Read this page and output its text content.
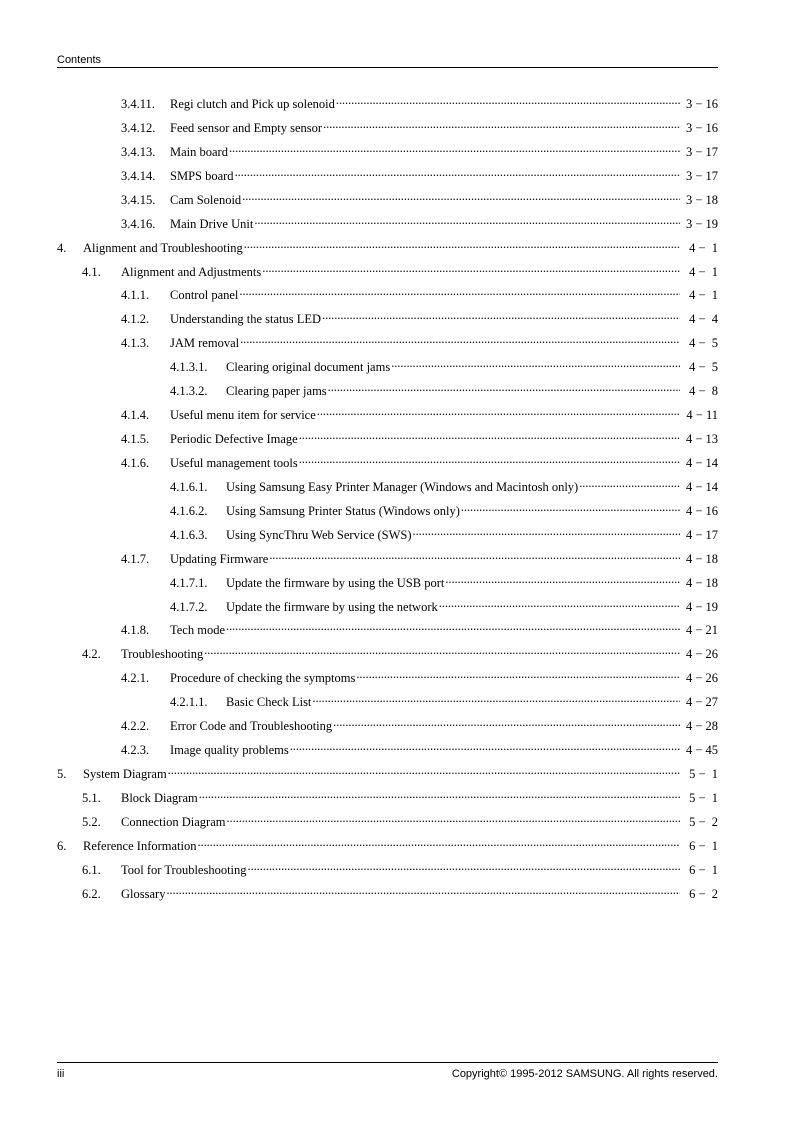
Contents
3.4.11.	Regi clutch and Pick up solenoid . . .	3 − 16
3.4.12.	Feed sensor and Empty sensor . . .	3 − 16
3.4.13.	Main board . . .	3 − 17
3.4.14.	SMPS board . . .	3 − 17
3.4.15.	Cam Solenoid . . .	3 − 18
3.4.16.	Main Drive Unit . . .	3 − 19
4.	Alignment and Troubleshooting . . .	4 −  1
4.1.	Alignment and Adjustments . . .	4 −  1
4.1.1.	Control panel . . .	4 −  1
4.1.2.	Understanding the status LED . . .	4 −  4
4.1.3.	JAM removal . . .	4 −  5
4.1.3.1.	Clearing original document jams . . .	4 −  5
4.1.3.2.	Clearing paper jams . . .	4 −  8
4.1.4.	Useful menu item for service . . .	4 − 11
4.1.5.	Periodic Defective Image . . .	4 − 13
4.1.6.	Useful management tools . . .	4 − 14
4.1.6.1.	Using Samsung Easy Printer Manager (Windows and Macintosh only) . . .	4 − 14
4.1.6.2.	Using Samsung Printer Status (Windows only) . . .	4 − 16
4.1.6.3.	Using SyncThru Web Service (SWS) . . .	4 − 17
4.1.7.	Updating Firmware . . .	4 − 18
4.1.7.1.	Update the firmware by using the USB port . . .	4 − 18
4.1.7.2.	Update the firmware by using the network . . .	4 − 19
4.1.8.	Tech mode . . .	4 − 21
4.2.	Troubleshooting . . .	4 − 26
4.2.1.	Procedure of checking the symptoms . . .	4 − 26
4.2.1.1.	Basic Check List . . .	4 − 27
4.2.2.	Error Code and Troubleshooting . . .	4 − 28
4.2.3.	Image quality problems . . .	4 − 45
5.	System Diagram . . .	5 −  1
5.1.	Block Diagram . . .	5 −  1
5.2.	Connection Diagram . . .	5 −  2
6.	Reference Information . . .	6 −  1
6.1.	Tool for Troubleshooting . . .	6 −  1
6.2.	Glossary . . .	6 −  2
iii	Copyright© 1995-2012 SAMSUNG. All rights reserved.
